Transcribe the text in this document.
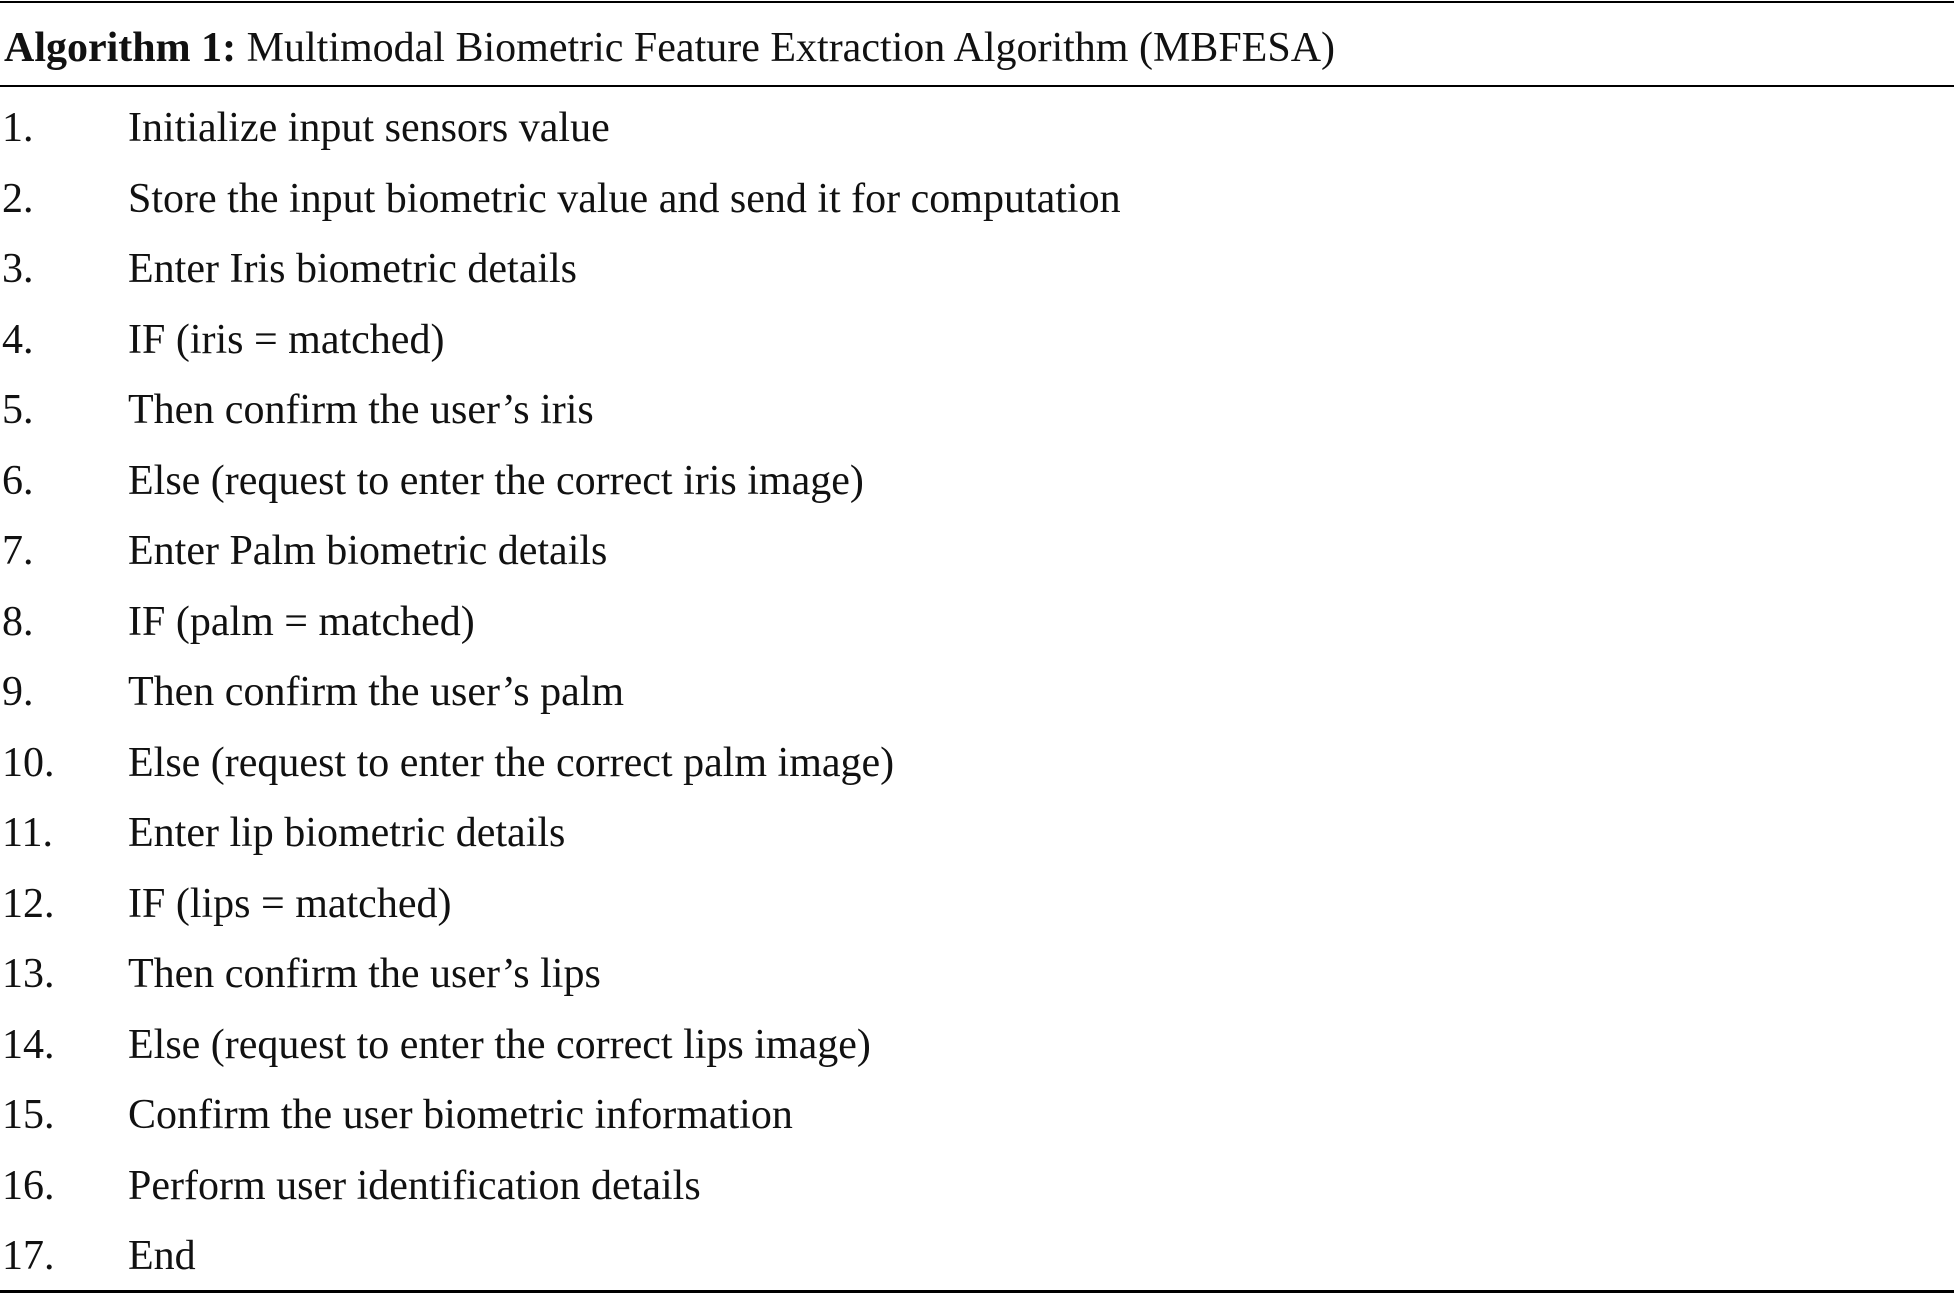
Algorithm 1: Multimodal Biometric Feature Extraction Algorithm (MBFESA)
1. Initialize input sensors value
2. Store the input biometric value and send it for computation
3. Enter Iris biometric details
4. IF (iris = matched)
5. Then confirm the user’s iris
6. Else (request to enter the correct iris image)
7. Enter Palm biometric details
8. IF (palm = matched)
9. Then confirm the user’s palm
10. Else (request to enter the correct palm image)
11. Enter lip biometric details
12. IF (lips = matched)
13. Then confirm the user’s lips
14. Else (request to enter the correct lips image)
15. Confirm the user biometric information
16. Perform user identification details
17. End
